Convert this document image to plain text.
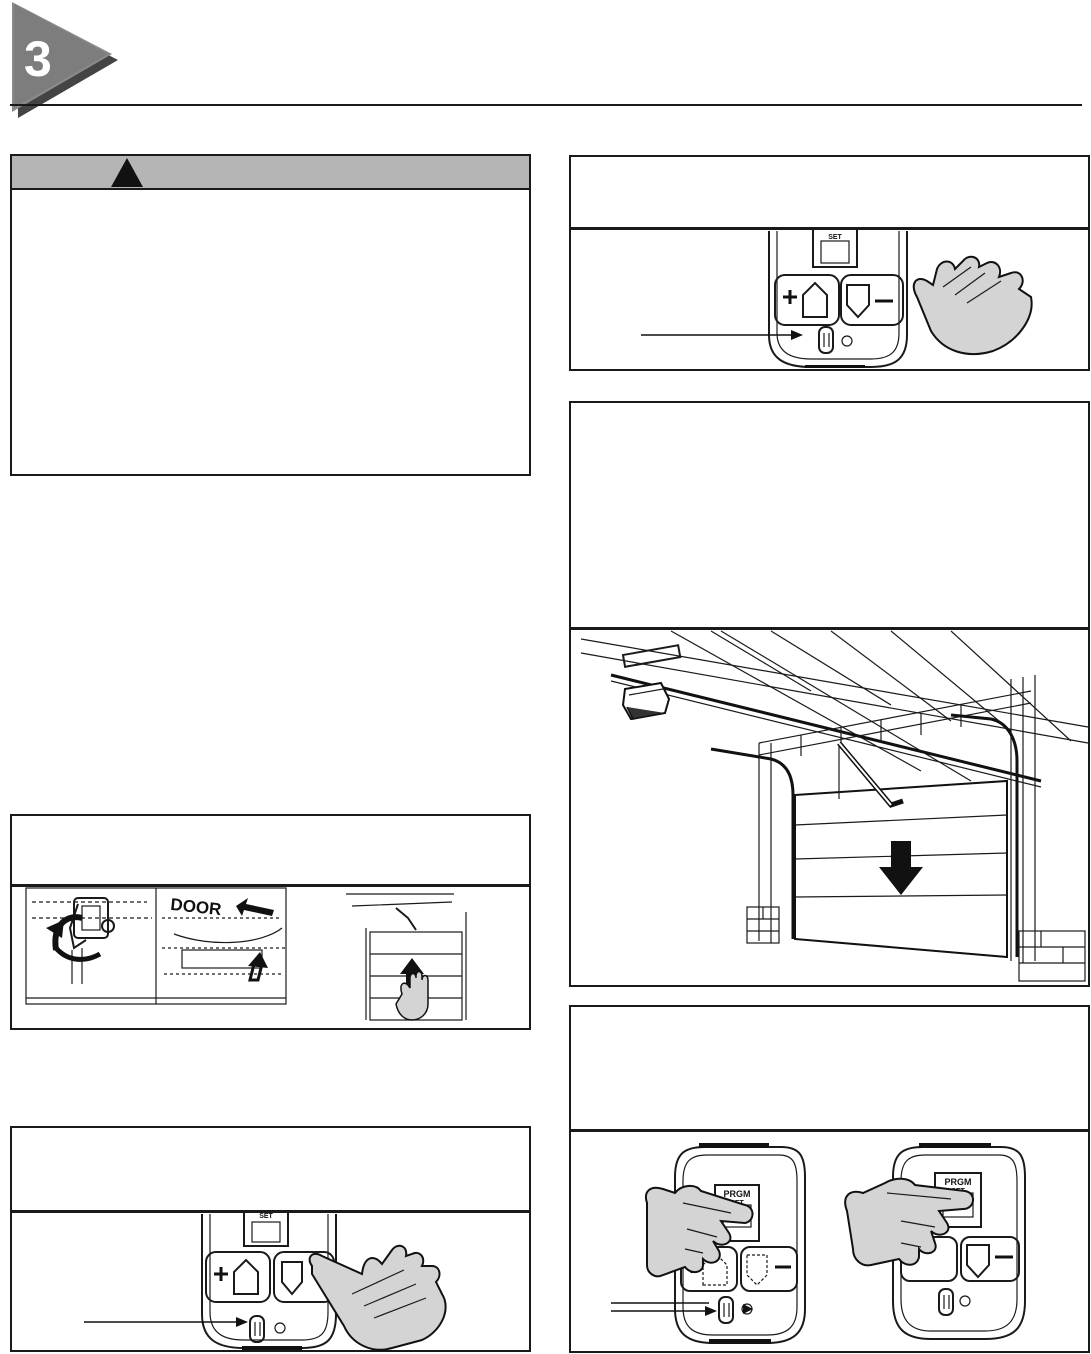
3
DOOR
SET
SET
PRGM
PRGM
